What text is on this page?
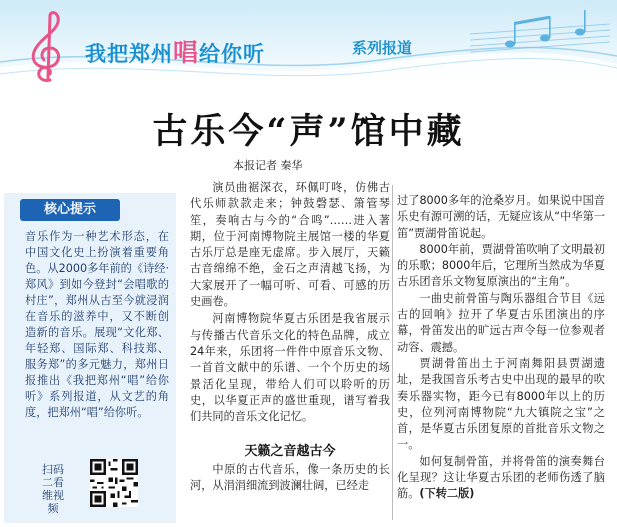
我把郑州唱给你听	系列报道
古乐今“声”馆中藏
本报记者 秦华
核心提示
音乐作为一种艺术形态，在中国文化史上扮演着重要角色。从2000多年前的《诗经·郑风》到如今登封“会唱歌的村庄”，郑州从古至今就浸润在音乐的滋养中，又不断创造新的音乐。展现“文化郑、年轻郑、国际郑、科技郑、服务郑”的多元魅力，郑州日报推出《我把郑州“唱”给你听》系列报道，从文艺的角度，把郑州“唱”给你听。
扫码二看维视频

演员曲裾深衣，环佩叮咚，仿佛古代乐师款款走来；钟鼓磬瑟、箫管琴笙，奏响古与今的“合鸣”……进入著期，位于河南博物院主展馆一楼的华夏古乐厅总是座无虚席。步入展厅，天籁古音绵绵不绝，金石之声清越飞扬，为大家展开了一幅可听、可看、可感的历史画卷。

河南博物院华夏古乐团是我省展示与传播古代音乐文化的特色品牌，成立24年来，乐团将一件件中原音乐文物、一首首文献中的乐谱、一个个历史的场景活化呈现，带给人们可以聆听的历史，以华夏正声的盛世重现，谱写着我们共同的音乐文化记忆。

天籁之音越古今

中原的古代音乐，像一条历史的长河，从涓涓细流到波澜壮阔，已经走

过了8000多年的沧桑岁月。如果说中国音乐史有源可溯的话，无疑应该从“中华第一笛”贾湖骨笛说起。

8000年前，贾湖骨笛吹响了文明最初的乐歌；8000年后，它理所当然成为华夏古乐团音乐文物复原演出的“主角”。

一曲史前骨笛与陶乐器组合节目《远古的回响》拉开了华夏古乐团演出的序幕，骨笛发出的旷远古声令每一位参观者动容、震撼。

贾湖骨笛出土于河南舞阳县贾湖遗址，是我国音乐考古史中出现的最早的吹奏乐器实物，距今已有8000年以上的历史，位列河南博物院“九大镇院之宝”之首，是华夏古乐团复原的首批音乐文物之一。

如何复制骨笛，并将骨笛的演奏舞台化呈现？这让华夏古乐团的老师伤透了脑筋。(下转二版)
